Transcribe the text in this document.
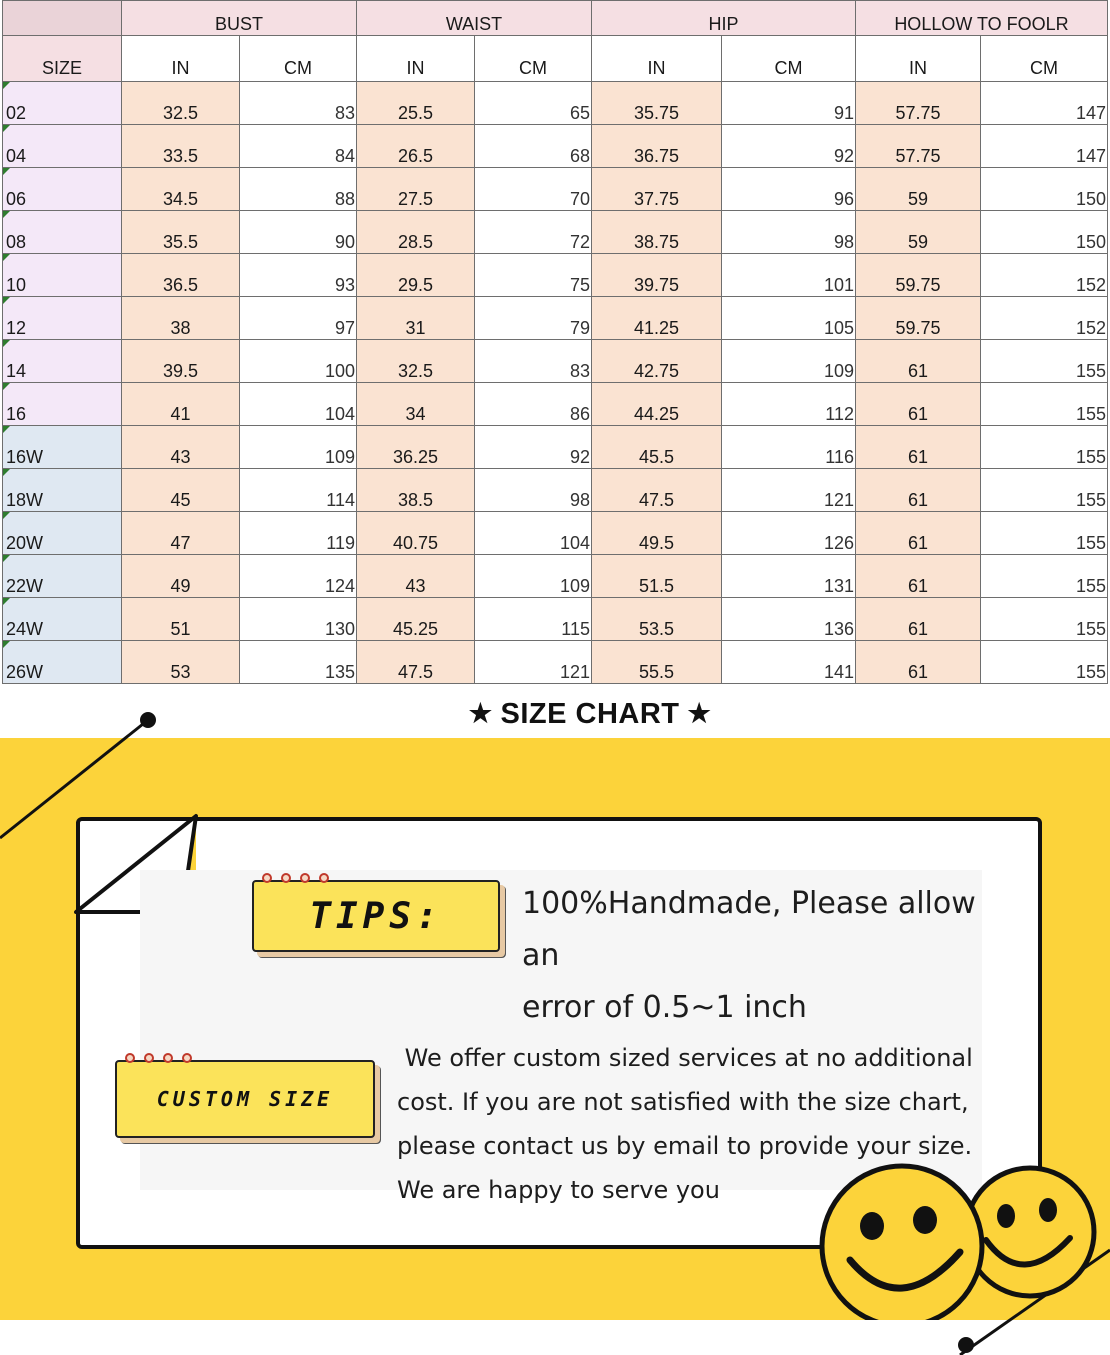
	BUST		WAIST		HIP		HOLLOW TO FOOLR	
SIZE	IN	CM	IN	CM	IN	CM	IN	CM
02	32.5	83	25.5	65	35.75	91	57.75	147
04	33.5	84	26.5	68	36.75	92	57.75	147
06	34.5	88	27.5	70	37.75	96	59	150
08	35.5	90	28.5	72	38.75	98	59	150
10	36.5	93	29.5	75	39.75	101	59.75	152
12	38	97	31	79	41.25	105	59.75	152
14	39.5	100	32.5	83	42.75	109	61	155
16	41	104	34	86	44.25	112	61	155
16W	43	109	36.25	92	45.5	116	61	155
18W	45	114	38.5	98	47.5	121	61	155
20W	47	119	40.75	104	49.5	126	61	155
22W	49	124	43	109	51.5	131	61	155
24W	51	130	45.25	115	53.5	136	61	155
26W	53	135	47.5	121	55.5	141	61	155
★ SIZE CHART ★
TIPS:	100%Handmade, Please allow an
error of 0.5~1 inch
CUSTOM SIZE
We offer custom sized services at no additional
cost. If you are not satisfied with the size chart,
please contact us by email to provide your size.
We are happy to serve you
